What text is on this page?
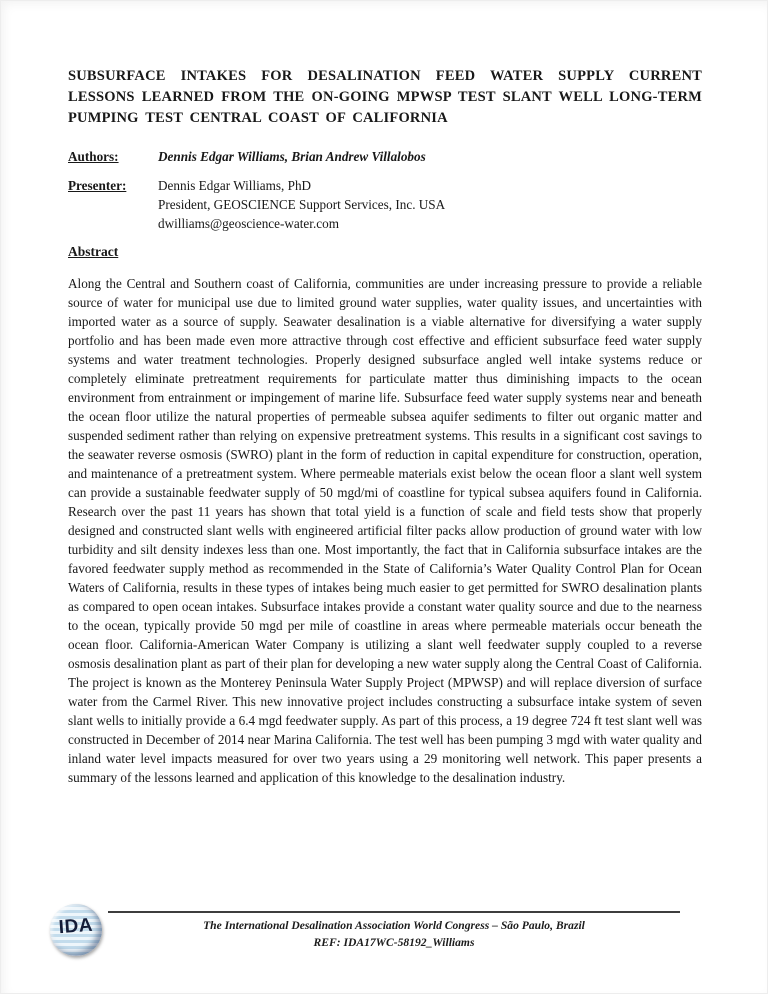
SUBSURFACE INTAKES FOR DESALINATION FEED WATER SUPPLY CURRENT LESSONS LEARNED FROM THE ON-GOING MPWSP TEST SLANT WELL LONG-TERM PUMPING TEST CENTRAL COAST OF CALIFORNIA
Authors:	Dennis Edgar Williams, Brian Andrew Villalobos
Presenter:	Dennis Edgar Williams, PhD
President, GEOSCIENCE Support Services, Inc. USA
dwilliams@geoscience-water.com
Abstract
Along the Central and Southern coast of California, communities are under increasing pressure to provide a reliable source of water for municipal use due to limited ground water supplies, water quality issues, and uncertainties with imported water as a source of supply. Seawater desalination is a viable alternative for diversifying a water supply portfolio and has been made even more attractive through cost effective and efficient subsurface feed water supply systems and water treatment technologies. Properly designed subsurface angled well intake systems reduce or completely eliminate pretreatment requirements for particulate matter thus diminishing impacts to the ocean environment from entrainment or impingement of marine life. Subsurface feed water supply systems near and beneath the ocean floor utilize the natural properties of permeable subsea aquifer sediments to filter out organic matter and suspended sediment rather than relying on expensive pretreatment systems. This results in a significant cost savings to the seawater reverse osmosis (SWRO) plant in the form of reduction in capital expenditure for construction, operation, and maintenance of a pretreatment system. Where permeable materials exist below the ocean floor a slant well system can provide a sustainable feedwater supply of 50 mgd/mi of coastline for typical subsea aquifers found in California. Research over the past 11 years has shown that total yield is a function of scale and field tests show that properly designed and constructed slant wells with engineered artificial filter packs allow production of ground water with low turbidity and silt density indexes less than one. Most importantly, the fact that in California subsurface intakes are the favored feedwater supply method as recommended in the State of California’s Water Quality Control Plan for Ocean Waters of California, results in these types of intakes being much easier to get permitted for SWRO desalination plants as compared to open ocean intakes. Subsurface intakes provide a constant water quality source and due to the nearness to the ocean, typically provide 50 mgd per mile of coastline in areas where permeable materials occur beneath the ocean floor. California-American Water Company is utilizing a slant well feedwater supply coupled to a reverse osmosis desalination plant as part of their plan for developing a new water supply along the Central Coast of California. The project is known as the Monterey Peninsula Water Supply Project (MPWSP) and will replace diversion of surface water from the Carmel River. This new innovative project includes constructing a subsurface intake system of seven slant wells to initially provide a 6.4 mgd feedwater supply. As part of this process, a 19 degree 724 ft test slant well was constructed in December of 2014 near Marina California. The test well has been pumping 3 mgd with water quality and inland water level impacts measured for over two years using a 29 monitoring well network. This paper presents a summary of the lessons learned and application of this knowledge to the desalination industry.
IDA	The International Desalination Association World Congress – São Paulo, Brazil
REF: IDA17WC-58192_Williams
